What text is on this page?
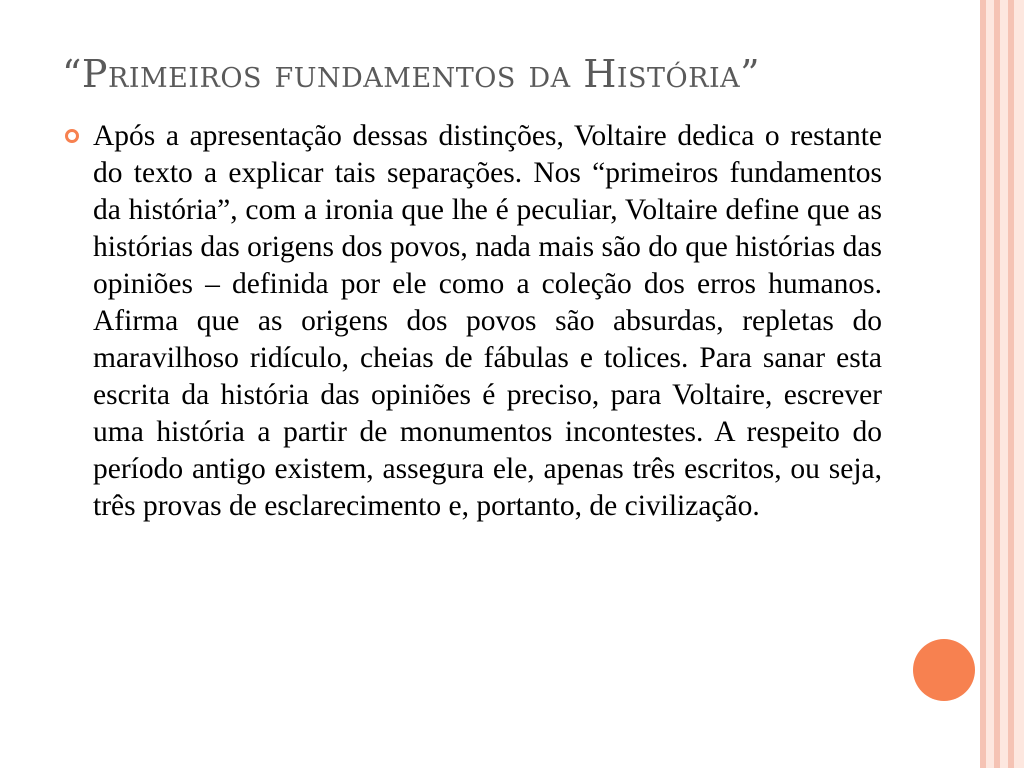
“Primeiros fundamentos da História”

Após a apresentação dessas distinções, Voltaire dedica o restante do texto a explicar tais separações. Nos “primeiros fundamentos da história”, com a ironia que lhe é peculiar, Voltaire define que as histórias das origens dos povos, nada mais são do que histórias das opiniões – definida por ele como a coleção dos erros humanos. Afirma que as origens dos povos são absurdas, repletas do maravilhoso ridículo, cheias de fábulas e tolices. Para sanar esta escrita da história das opiniões é preciso, para Voltaire, escrever uma história a partir de monumentos incontestes. A respeito do período antigo existem, assegura ele, apenas três escritos, ou seja, três provas de esclarecimento e, portanto, de civilização.
